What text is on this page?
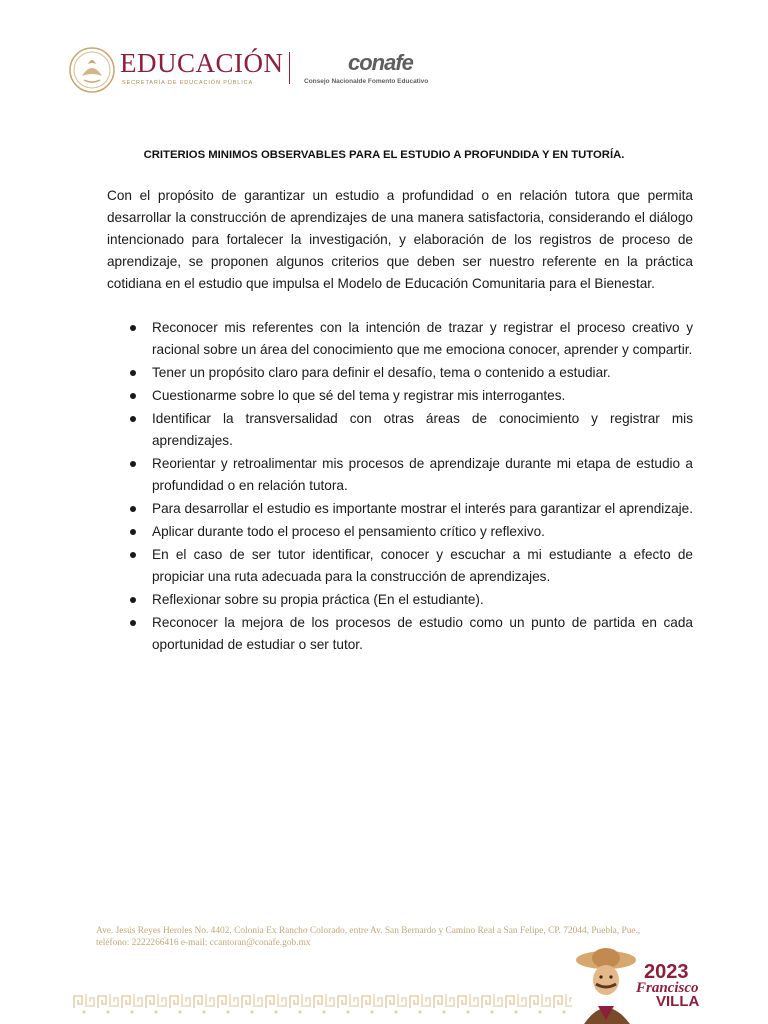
EDUCACIÓN
SECRETARÍA DE EDUCACIÓN PÚBLICA
conafe
Consejo Nacionalde Fomento Educativo
CRITERIOS MINIMOS OBSERVABLES PARA EL ESTUDIO A PROFUNDIDA Y EN TUTORÍA.
Con el propósito de garantizar un estudio a profundidad o en relación tutora que permita desarrollar la construcción de aprendizajes de una manera satisfactoria, considerando el diálogo intencionado para fortalecer la investigación, y elaboración de los registros de proceso de aprendizaje, se proponen algunos criterios que deben ser nuestro referente en la práctica cotidiana en el estudio que impulsa el Modelo de Educación Comunitaria para el Bienestar.
Reconocer mis referentes con la intención de trazar y registrar el proceso creativo y racional sobre un área del conocimiento que me emociona conocer, aprender y compartir.
Tener un propósito claro para definir el desafío, tema o contenido a estudiar.
Cuestionarme sobre lo que sé del tema y registrar mis interrogantes.
Identificar la transversalidad con otras áreas de conocimiento y registrar mis aprendizajes.
Reorientar y retroalimentar mis procesos de aprendizaje durante mi etapa de estudio a profundidad o en relación tutora.
Para desarrollar el estudio es importante mostrar el interés para garantizar el aprendizaje.
Aplicar durante todo el proceso el pensamiento crítico y reflexivo.
En el caso de ser tutor identificar, conocer y escuchar a mi estudiante a efecto de propiciar una ruta adecuada para la construcción de aprendizajes.
Reflexionar sobre su propia práctica (En el estudiante).
Reconocer la mejora de los procesos de estudio como un punto de partida en cada oportunidad de estudiar o ser tutor.
Ave. Jesús Reyes Heroles No. 4402, Colonia Ex Rancho Colorado, entre Av. San Bernardo y Camino Real a San Felipe, CP. 72044, Puebla, Pue.,
teléfono: 2222266416 e-mail: ccantoran@conafe.gob.mx
2023
Francisco
VILLA
